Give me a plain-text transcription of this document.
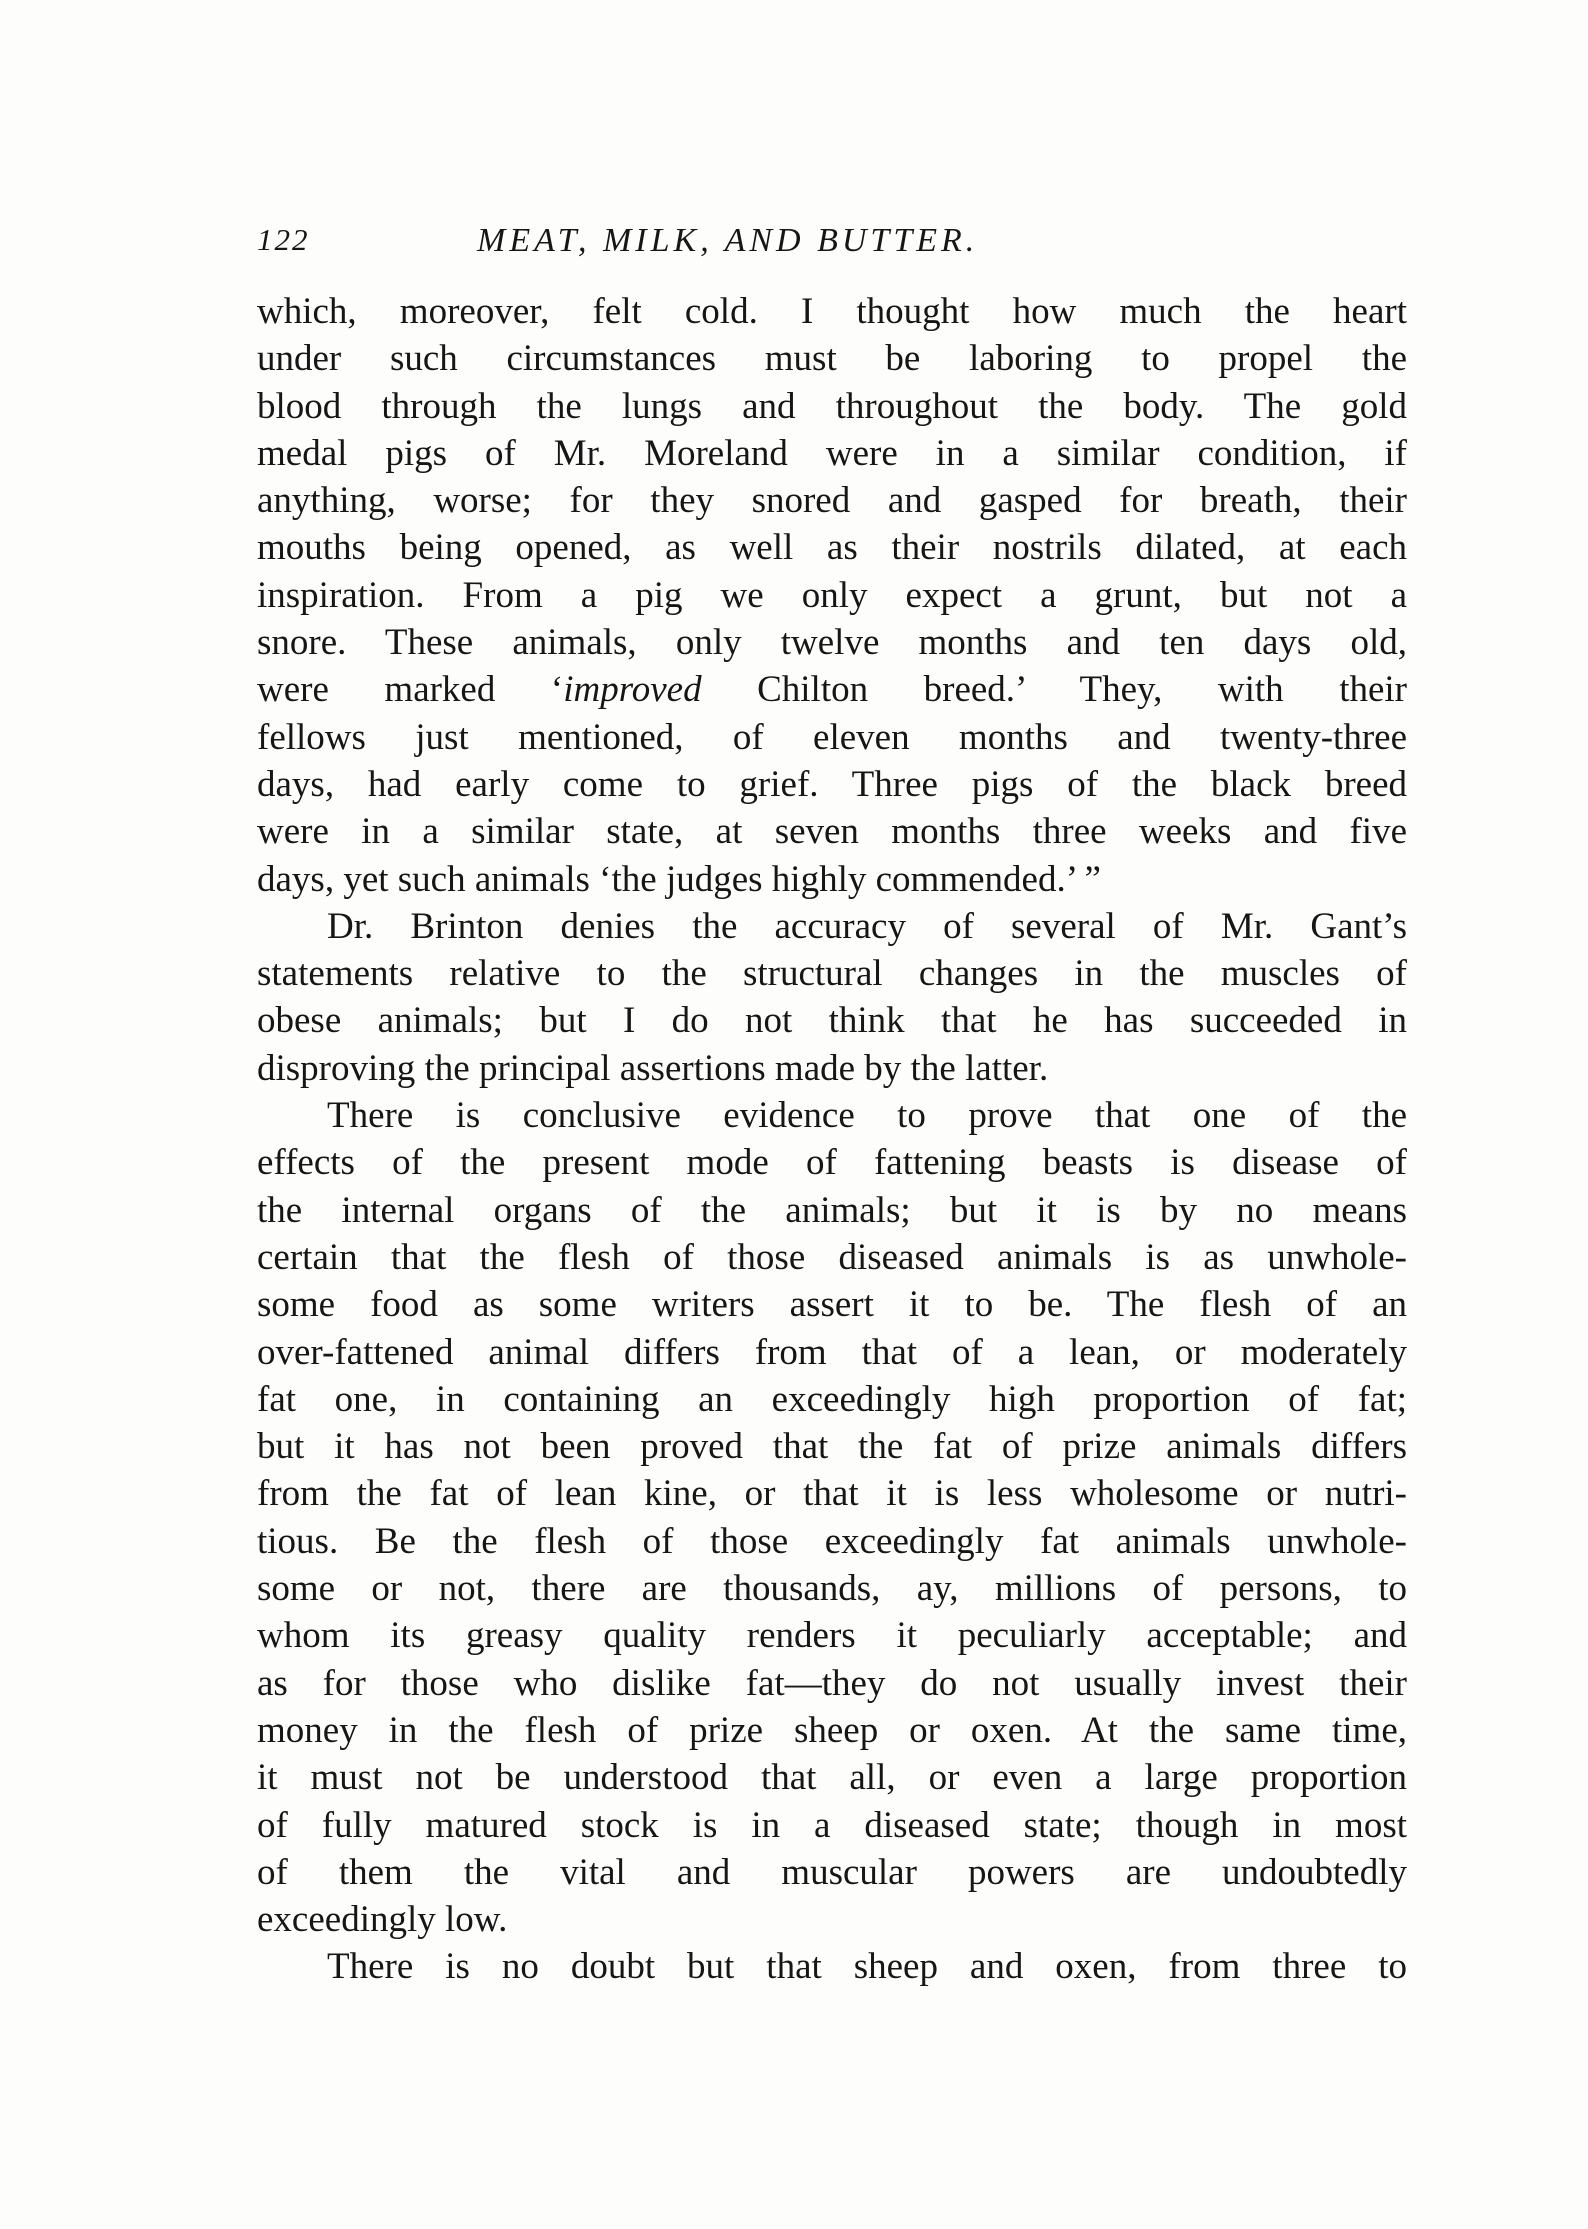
122	MEAT, MILK, AND BUTTER.
which, moreover, felt cold. I thought how much the heart
under such circumstances must be laboring to propel the
blood through the lungs and throughout the body. The gold
medal pigs of Mr. Moreland were in a similar condition, if
anything, worse; for they snored and gasped for breath, their
mouths being opened, as well as their nostrils dilated, at each
inspiration. From a pig we only expect a grunt, but not a
snore. These animals, only twelve months and ten days old,
were marked ‘improved Chilton breed.’ They, with their
fellows just mentioned, of eleven months and twenty-three
days, had early come to grief. Three pigs of the black breed
were in a similar state, at seven months three weeks and five
days, yet such animals ‘the judges highly commended.’ ”
Dr. Brinton denies the accuracy of several of Mr. Gant’s
statements relative to the structural changes in the muscles of
obese animals; but I do not think that he has succeeded in
disproving the principal assertions made by the latter.
There is conclusive evidence to prove that one of the
effects of the present mode of fattening beasts is disease of
the internal organs of the animals; but it is by no means
certain that the flesh of those diseased animals is as unwhole-
some food as some writers assert it to be. The flesh of an
over-fattened animal differs from that of a lean, or moderately
fat one, in containing an exceedingly high proportion of fat;
but it has not been proved that the fat of prize animals differs
from the fat of lean kine, or that it is less wholesome or nutri-
tious. Be the flesh of those exceedingly fat animals unwhole-
some or not, there are thousands, ay, millions of persons, to
whom its greasy quality renders it peculiarly acceptable; and
as for those who dislike fat—they do not usually invest their
money in the flesh of prize sheep or oxen. At the same time,
it must not be understood that all, or even a large proportion
of fully matured stock is in a diseased state; though in most
of them the vital and muscular powers are undoubtedly
exceedingly low.
There is no doubt but that sheep and oxen, from three to
